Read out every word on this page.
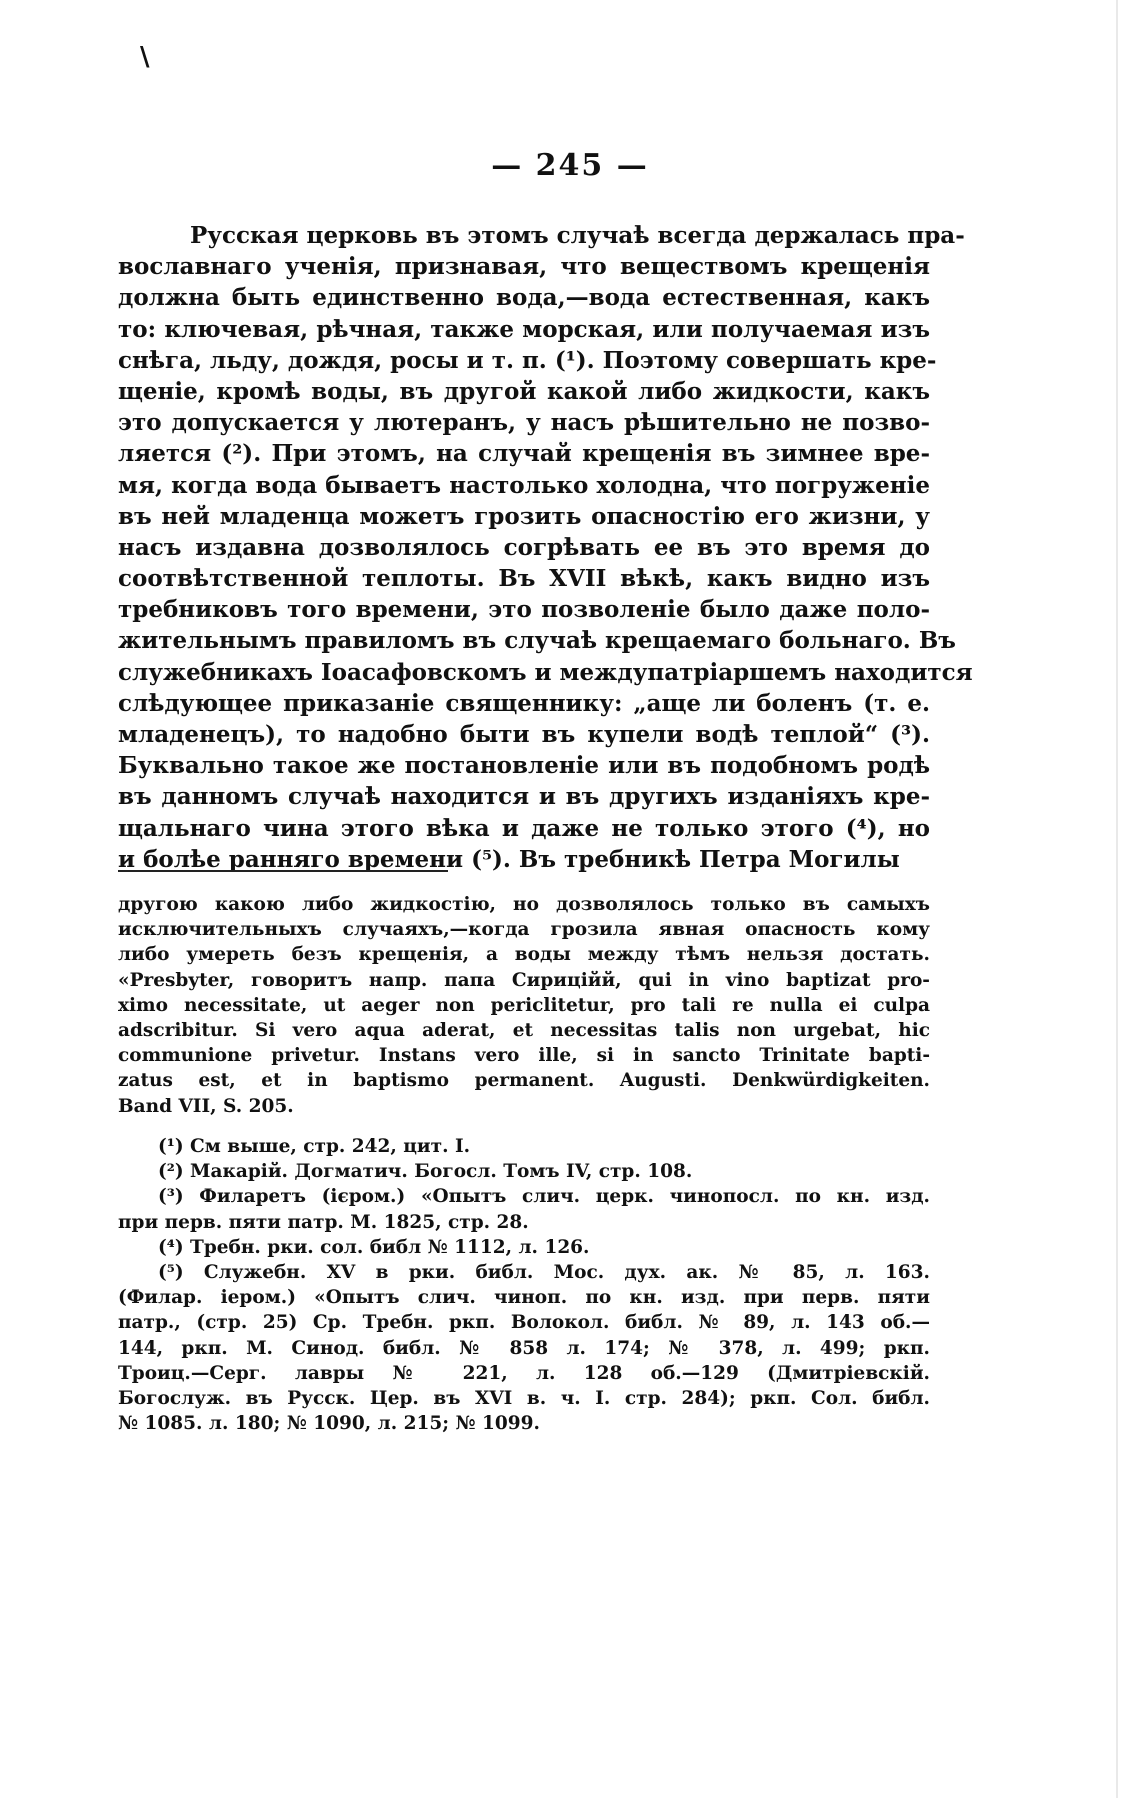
\
— 245 —
Русская церковь въ этомъ случаѣ всегда держалась пра-
вославнаго ученія, признавая, что веществомъ крещенія
должна быть единственно вода,—вода естественная, какъ
то: ключевая, рѣчная, также морская, или получаемая изъ
снѣга, льду, дождя, росы и т. п. (¹). Поэтому совершать кре-
щеніе, кромѣ воды, въ другой какой либо жидкости, какъ
это допускается у лютеранъ, у насъ рѣшительно не позво-
ляется (²). При этомъ, на случай крещенія въ зимнее вре-
мя, когда вода бываетъ настолько холодна, что погруженіе
въ ней младенца можетъ грозить опасностію его жизни, у
насъ издавна дозволялось согрѣвать ее въ это время до
соотвѣтственной теплоты. Въ XVII вѣкѣ, какъ видно изъ
требниковъ того времени, это позволеніе было даже поло-
жительнымъ правиломъ въ случаѣ крещаемаго больнаго. Въ
служебникахъ Іоасафовскомъ и междупатріаршемъ находится
слѣдующее приказаніе священнику: „аще ли боленъ (т. е.
младенецъ), то надобно быти въ купели водѣ теплой“ (³).
Буквально такое же постановленіе или въ подобномъ родѣ
въ данномъ случаѣ находится и въ другихъ изданіяхъ кре-
щальнаго чина этого вѣка и даже не только этого (⁴), но
и болѣе ранняго времени (⁵). Въ требникѣ Петра Могилы
другою какою либо жидкостію, но дозволялось только въ самыхъ
исключительныхъ случаяхъ,—когда грозила явная опасность кому
либо умереть безъ крещенія, а воды между тѣмъ нельзя достать.
«Presbyter, говоритъ напр. папа Сириційй, qui in vino baptizat pro-
ximo necessitate, ut aeger non periclitetur, pro tali re nulla ei culpa
adscribitur. Si vero aqua aderat, et necessitas talis non urgebat, hic
communione privetur. Instans vero ille, si in sancto Trinitate bapti-
zatus est, et in baptismo permanent. Augusti. Denkwürdigkeiten.
Band VII, S. 205.
(¹) См выше, стр. 242, цит. I.
(²) Макарій. Догматич. Богосл. Томъ IV, стр. 108.
(³) Филаретъ (ієром.) «Опытъ слич. церк. чинопосл. по кн. изд.
при перв. пяти патр. М. 1825, стр. 28.
(⁴) Требн. рки. сол. библ № 1112, л. 126.
(⁵) Служебн. XV в рки. библ. Мос. дух. ак. № 85, л. 163.
(Филар. іером.) «Опытъ слич. чиноп. по кн. изд. при перв. пяти
патр., (стр. 25) Ср. Требн. ркп. Волокол. библ. № 89, л. 143 об.—
144, ркп. М. Синод. библ. № 858 л. 174; № 378, л. 499; ркп.
Троиц.—Серг. лавры № 221, л. 128 об.—129 (Дмитріевскій.
Богослуж. въ Русск. Цер. въ XVI в. ч. I. стр. 284); ркп. Сол. библ.
№ 1085. л. 180; № 1090, л. 215; № 1099.
